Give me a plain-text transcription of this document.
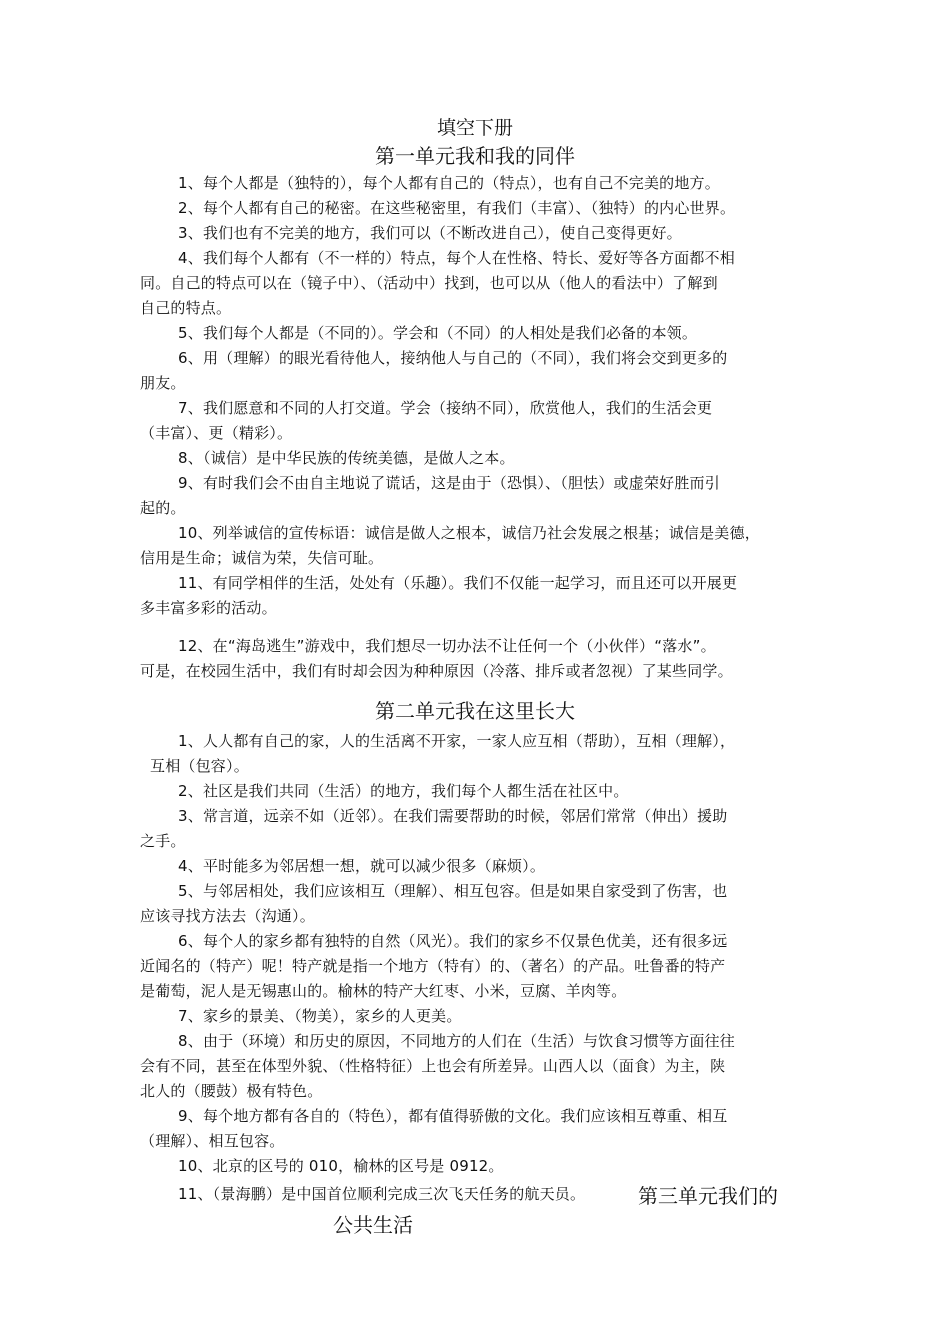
填空下册
第一单元我和我的同伴
1、每个人都是（独特的），每个人都有自己的（特点），也有自己不完美的地方。
2、每个人都有自己的秘密。在这些秘密里，有我们（丰富）、（独特）的内心世界。
3、我们也有不完美的地方，我们可以（不断改进自己），使自己变得更好。
4、我们每个人都有（不一样的）特点，每个人在性格、特长、爱好等各方面都不相
同。自己的特点可以在（镜子中）、（活动中）找到，也可以从（他人的看法中）了解到
自己的特点。
5、我们每个人都是（不同的）。学会和（不同）的人相处是我们必备的本领。
6、用（理解）的眼光看待他人，接纳他人与自己的（不同），我们将会交到更多的
朋友。
7、我们愿意和不同的人打交道。学会（接纳不同），欣赏他人，我们的生活会更
（丰富）、更（精彩）。
8、（诚信）是中华民族的传统美德，是做人之本。
9、有时我们会不由自主地说了谎话，这是由于（恐惧）、（胆怯）或虚荣好胜而引
起的。
10、列举诚信的宣传标语：诚信是做人之根本，诚信乃社会发展之根基；诚信是美德，
信用是生命；诚信为荣，失信可耻。
11、有同学相伴的生活，处处有（乐趣）。我们不仅能一起学习，而且还可以开展更
多丰富多彩的活动。
12、在“海岛逃生”游戏中，我们想尽一切办法不让任何一个（小伙伴）“落水”。
可是，在校园生活中，我们有时却会因为种种原因（冷落、排斥或者忽视）了某些同学。
第二单元我在这里长大
1、人人都有自己的家，人的生活离不开家，一家人应互相（帮助），互相（理解），
互相（包容）。
2、社区是我们共同（生活）的地方，我们每个人都生活在社区中。
3、常言道，远亲不如（近邻）。在我们需要帮助的时候，邻居们常常（伸出）援助
之手。
4、平时能多为邻居想一想，就可以减少很多（麻烦）。
5、与邻居相处，我们应该相互（理解）、相互包容。但是如果自家受到了伤害，也
应该寻找方法去（沟通）。
6、每个人的家乡都有独特的自然（风光）。我们的家乡不仅景色优美，还有很多远
近闻名的（特产）呢！特产就是指一个地方（特有）的、（著名）的产品。吐鲁番的特产
是葡萄，泥人是无锡惠山的。榆林的特产大红枣、小米，豆腐、羊肉等。
7、家乡的景美、（物美），家乡的人更美。
8、由于（环境）和历史的原因，不同地方的人们在（生活）与饮食习惯等方面往往
会有不同，甚至在体型外貌、（性格特征）上也会有所差异。山西人以（面食）为主，陕
北人的（腰鼓）极有特色。
9、每个地方都有各自的（特色），都有值得骄傲的文化。我们应该相互尊重、相互
（理解）、相互包容。
10、北京的区号的 010，榆林的区号是 0912。
11、（景海鹏）是中国首位顺利完成三次飞天任务的航天员。	第三单元我们的
公共生活
